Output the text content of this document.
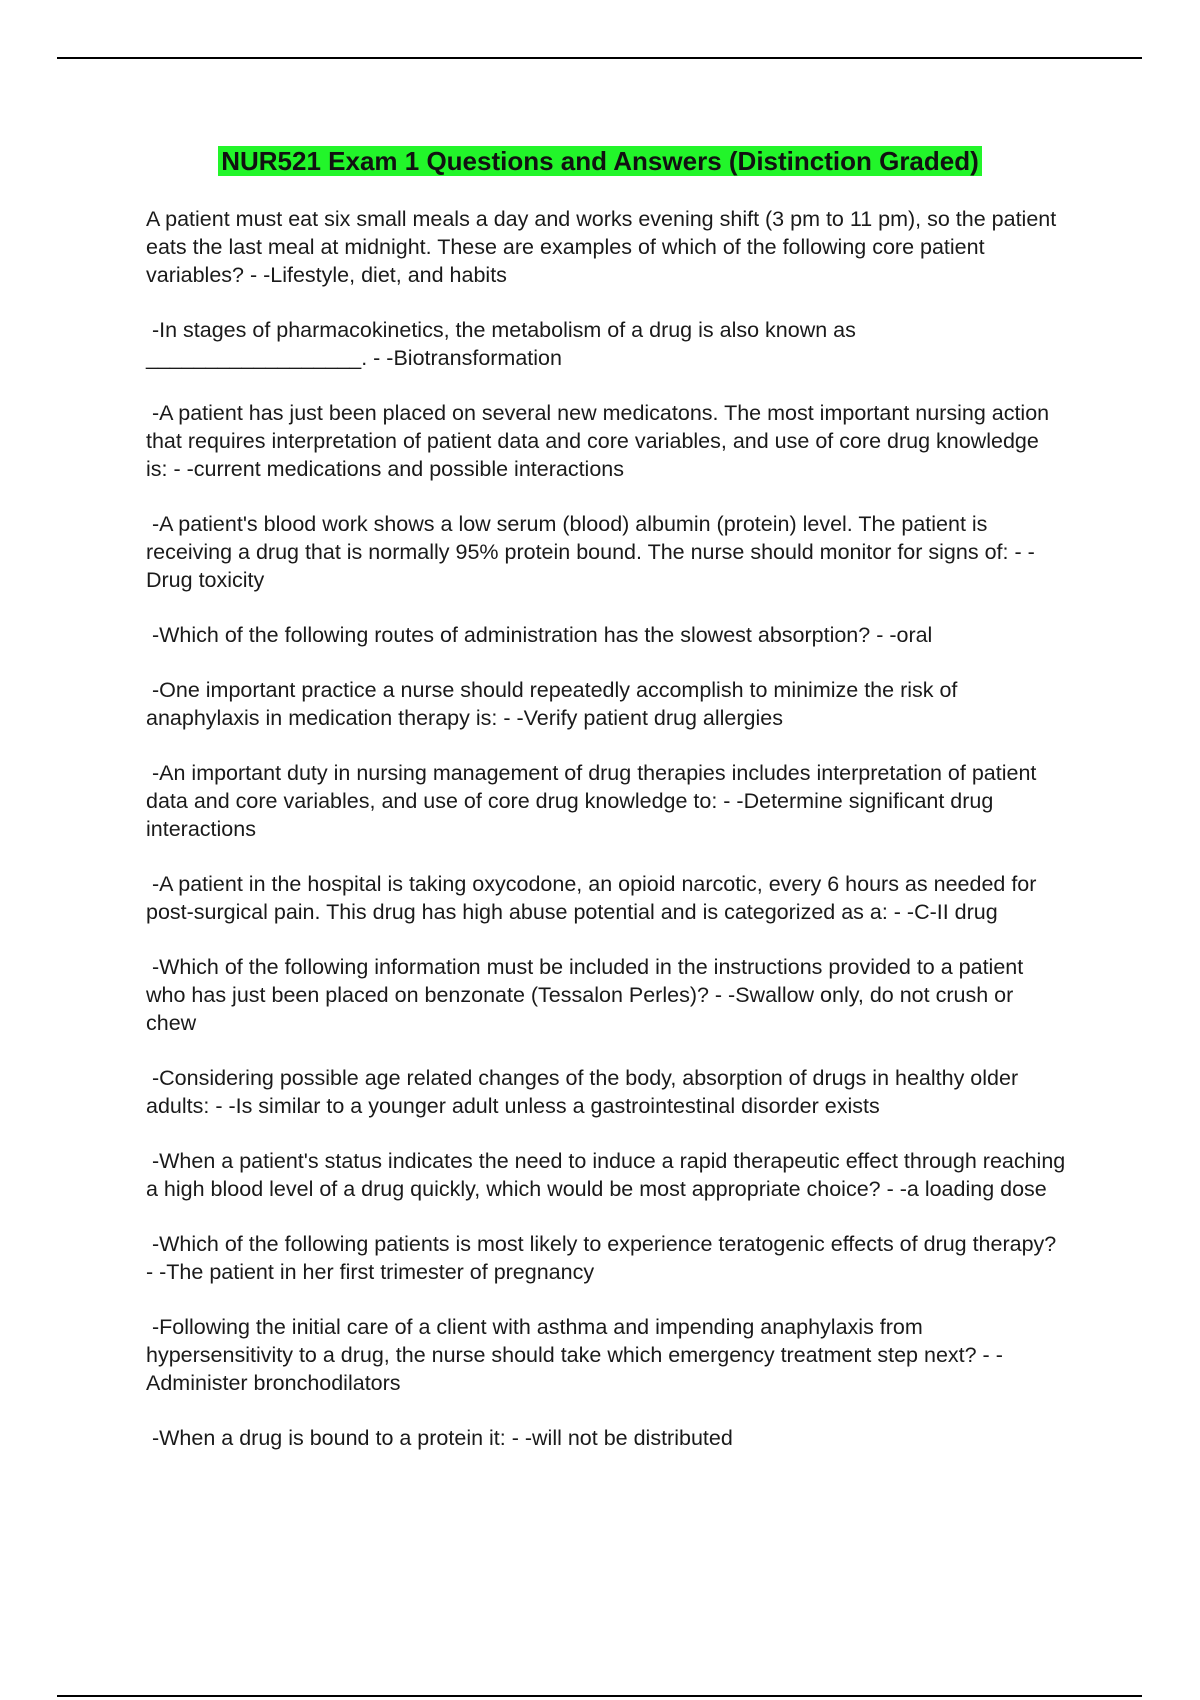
NUR521 Exam 1 Questions and Answers (Distinction Graded)

A patient must eat six small meals a day and works evening shift (3 pm to 11 pm), so the patient eats the last meal at midnight. These are examples of which of the following core patient variables? - -Lifestyle, diet, and habits

-In stages of pharmacokinetics, the metabolism of a drug is also known as __________________. - -Biotransformation

-A patient has just been placed on several new medicatons. The most important nursing action that requires interpretation of patient data and core variables, and use of core drug knowledge is: - -current medications and possible interactions

-A patient's blood work shows a low serum (blood) albumin (protein) level. The patient is receiving a drug that is normally 95% protein bound. The nurse should monitor for signs of: - -Drug toxicity

-Which of the following routes of administration has the slowest absorption? - -oral

-One important practice a nurse should repeatedly accomplish to minimize the risk of anaphylaxis in medication therapy is: - -Verify patient drug allergies

-An important duty in nursing management of drug therapies includes interpretation of patient data and core variables, and use of core drug knowledge to: - -Determine significant drug interactions

-A patient in the hospital is taking oxycodone, an opioid narcotic, every 6 hours as needed for post-surgical pain. This drug has high abuse potential and is categorized as a: - -C-II drug

-Which of the following information must be included in the instructions provided to a patient who has just been placed on benzonate (Tessalon Perles)? - -Swallow only, do not crush or chew

-Considering possible age related changes of the body, absorption of drugs in healthy older adults: - -Is similar to a younger adult unless a gastrointestinal disorder exists

-When a patient's status indicates the need to induce a rapid therapeutic effect through reaching a high blood level of a drug quickly, which would be most appropriate choice? - -a loading dose

-Which of the following patients is most likely to experience teratogenic effects of drug therapy? - -The patient in her first trimester of pregnancy

-Following the initial care of a client with asthma and impending anaphylaxis from hypersensitivity to a drug, the nurse should take which emergency treatment step next? - -Administer bronchodilators

-When a drug is bound to a protein it: - -will not be distributed
